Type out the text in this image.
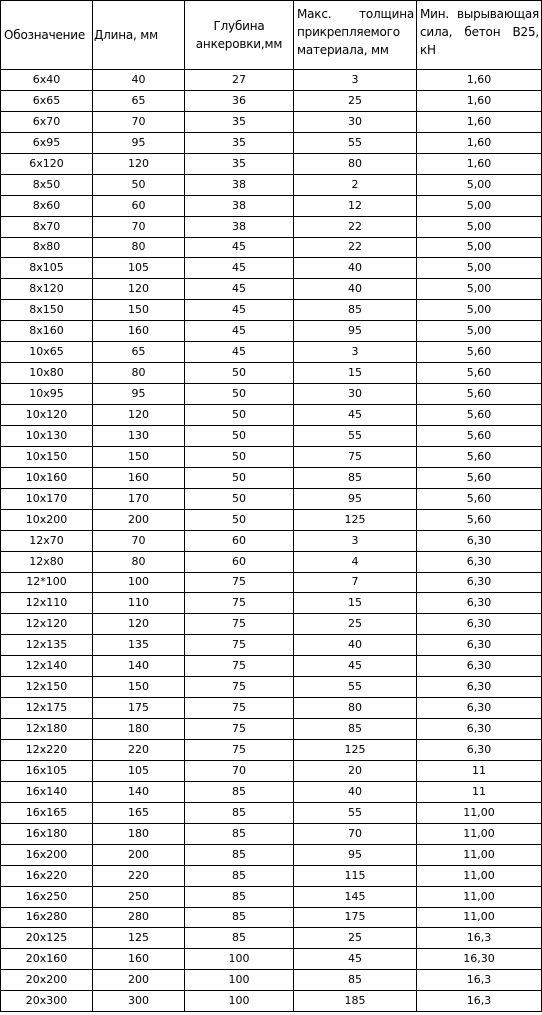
Обозначение	Длина, мм	Глубина анкеровки,мм	Макс. толщина прикрепляемого материала, мм	Мин. вырывающая сила, бетон В25, кН
6x40	40	27	3	1,60
6x65	65	36	25	1,60
6x70	70	35	30	1,60
6x95	95	35	55	1,60
6x120	120	35	80	1,60
8x50	50	38	2	5,00
8x60	60	38	12	5,00
8x70	70	38	22	5,00
8x80	80	45	22	5,00
8x105	105	45	40	5,00
8x120	120	45	40	5,00
8x150	150	45	85	5,00
8x160	160	45	95	5,00
10x65	65	45	3	5,60
10x80	80	50	15	5,60
10x95	95	50	30	5,60
10x120	120	50	45	5,60
10x130	130	50	55	5,60
10x150	150	50	75	5,60
10x160	160	50	85	5,60
10x170	170	50	95	5,60
10x200	200	50	125	5,60
12x70	70	60	3	6,30
12x80	80	60	4	6,30
12*100	100	75	7	6,30
12x110	110	75	15	6,30
12x120	120	75	25	6,30
12x135	135	75	40	6,30
12x140	140	75	45	6,30
12x150	150	75	55	6,30
12x175	175	75	80	6,30
12x180	180	75	85	6,30
12x220	220	75	125	6,30
16x105	105	70	20	11
16x140	140	85	40	11
16x165	165	85	55	11,00
16x180	180	85	70	11,00
16x200	200	85	95	11,00
16x220	220	85	115	11,00
16x250	250	85	145	11,00
16x280	280	85	175	11,00
20x125	125	85	25	16,3
20x160	160	100	45	16,30
20x200	200	100	85	16,3
20x300	300	100	185	16,3
